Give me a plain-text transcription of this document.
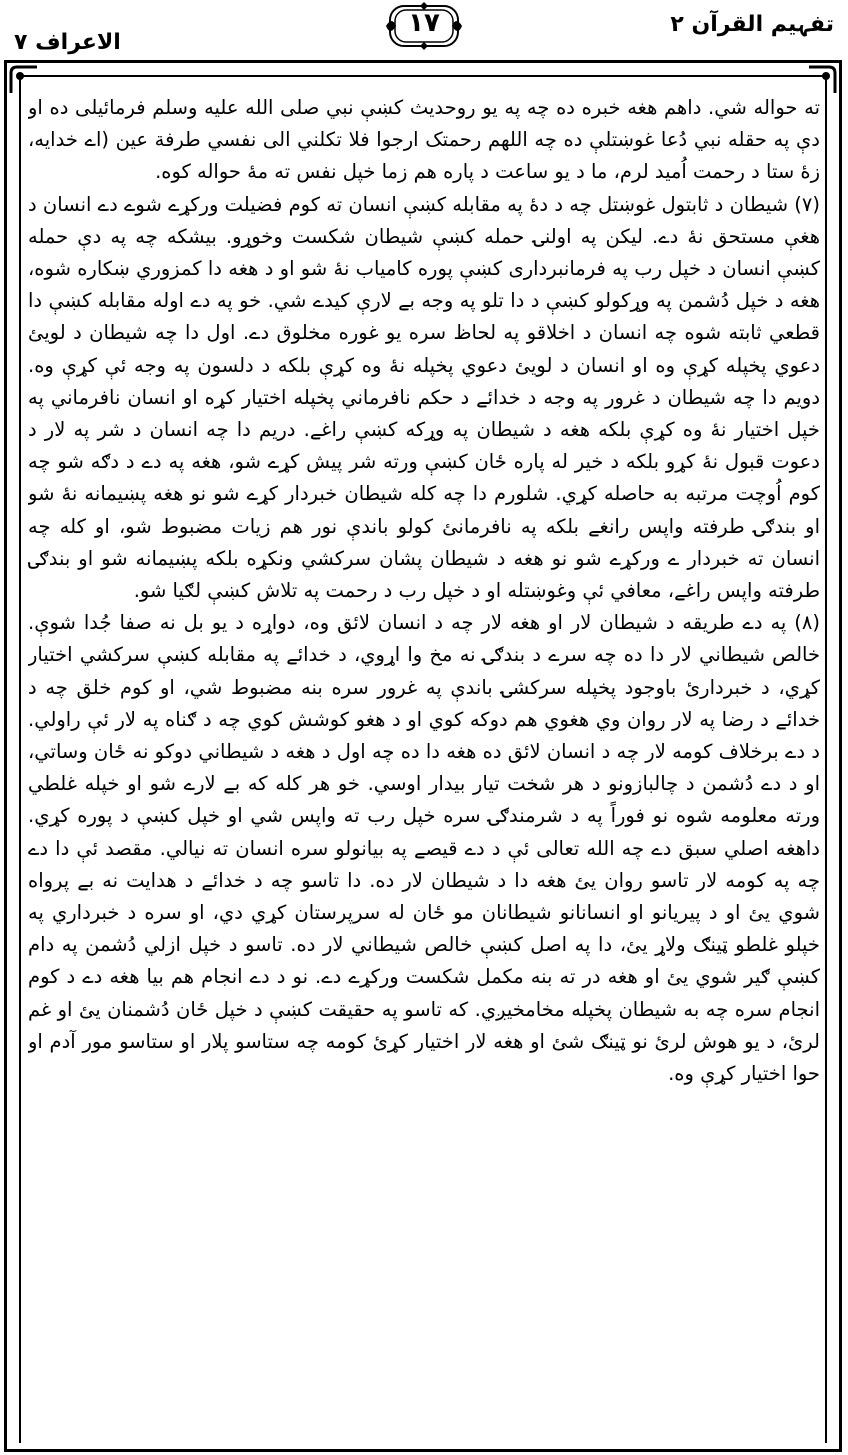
تفہیم القرآن ۲
۱۷
الاعراف ۷

ته حواله شي. داهم هغه خبره ده چه په یو روحدیث کښې نبي صلی الله علیه وسلم فرمائیلی ده او دې په حقله نبي دُعا غوښتلې ده چه اللهم رحمتک ارجوا فلا تکلني الی نفسي طرفة عین (اے خدایه، زۀ ستا د رحمت اُمید لرم، ما د یو ساعت د پاره هم زما خپل نفس ته مۀ حواله کوه.

(۷) شیطان د ثابتول غوښتل چه د دۀ په مقابله کښې انسان ته کوم فضیلت ورکړے شوے دے انسان د هغې مستحق نۀ دے. لیکن په اولنۍ حمله کښې شیطان شکست وخوړو. بیشکه چه په دې حمله کښې انسان د خپل رب په فرمانبرداری کښې پوره کامیاب نۀ شو او د هغه دا کمزوري ښکاره شوه، هغه د خپل دُشمن په وړکولو کښې د دا تلو په وجه بے لارې کیدے شي. خو په دے اوله مقابله کښې دا قطعي ثابته شوه چه انسان د اخلاقو په لحاظ سره یو غوره مخلوق دے. اول دا چه شیطان د لویئ دعوي پخپله کړې وه او انسان د لویئ دعوي پخپله نۀ وه کړې بلکه د دلسون په وجه ئې کړې وه. دویم دا چه شیطان د غرور په وجه د خدائے د حکم نافرماني پخپله اختیار کړه او انسان نافرماني په خپل اختیار نۀ وه کړې بلکه هغه د شیطان په وړکه کښې راغے. دریم دا چه انسان د شر په لار د دعوت قبول نۀ کړو بلکه د خیر له پاره ځان کښې ورته شر پیش کړے شو، هغه په دے د دګه شو چه کوم اُوچت مرتبه به حاصله کړي. شلورم دا چه کله شیطان خبردار کړے شو نو هغه پښیمانه نۀ شو او بندګۍ طرفته واپس رانغے بلکه په نافرمانئ کولو باندې نور هم زیات مضبوط شو، او کله چه انسان ته خبردار ے ورکړے شو نو هغه د شیطان پشان سرکشي ونکړه بلکه پښیمانه شو او بندګۍ طرفته واپس راغے، معافي ئې وغوښتله او د خپل رب د رحمت په تلاش کښې لګیا شو.

(۸) په دے طریقه د شیطان لار او هغه لار چه د انسان لائق وه، دواړه د یو بل نه صفا جُدا شوې. خالص شیطاني لار دا ده چه سرے د بندګۍ نه مخ وا اړوي، د خدائے په مقابله کښې سرکشي اختیار کړي، د خبردارئ باوجود پخپله سرکشۍ باندې په غرور سره بنه مضبوط شي، او کوم خلق چه د خدائے د رضا په لار روان وي هغوي هم دوکه کوي او د هغو کوشش کوي چه د ګناه په لار ئې راولي. د دے برخلاف کومه لار چه د انسان لائق ده هغه دا ده چه اول د هغه د شیطاني دوکو نه ځان وساتي، او د دے دُشمن د چالبازونو د هر شخت تیار بیدار اوسي. خو هر کله که بے لارے شو او خپله غلطي ورته معلومه شوه نو فوراً په د شرمندګۍ سره خپل رب ته واپس شي او خپل کښې د پوره کړي. داهغه اصلي سبق دے چه الله تعالی ئې د دے قیصے په بیانولو سره انسان ته نیالي. مقصد ئې دا دے چه په کومه لار تاسو روان یئ هغه دا د شیطان لار ده. دا تاسو چه د خدائے د هدایت نه بے پرواه شوي یئ او د پیریانو او انسانانو شیطانان مو ځان له سرپرستان کړي دي، او سره د خبرداري په خپلو غلطو ټینګ ولاړ یئ، دا په اصل کښې خالص شیطاني لار ده. تاسو د خپل ازلي دُشمن په دام کښې ګیر شوي یئ او هغه در ته بنه مکمل شکست ورکړے دے. نو د دے انجام هم بیا هغه دے د کوم انجام سره چه به شیطان پخپله مخامخیږي. که تاسو په حقیقت کښې د خپل ځان دُشمنان یئ او غم لرئ، د یو هوش لرئ نو ټینګ شئ او هغه لار اختیار کړئ کومه چه ستاسو پلار او ستاسو مور آدم او حوا اختیار کړې وه.
